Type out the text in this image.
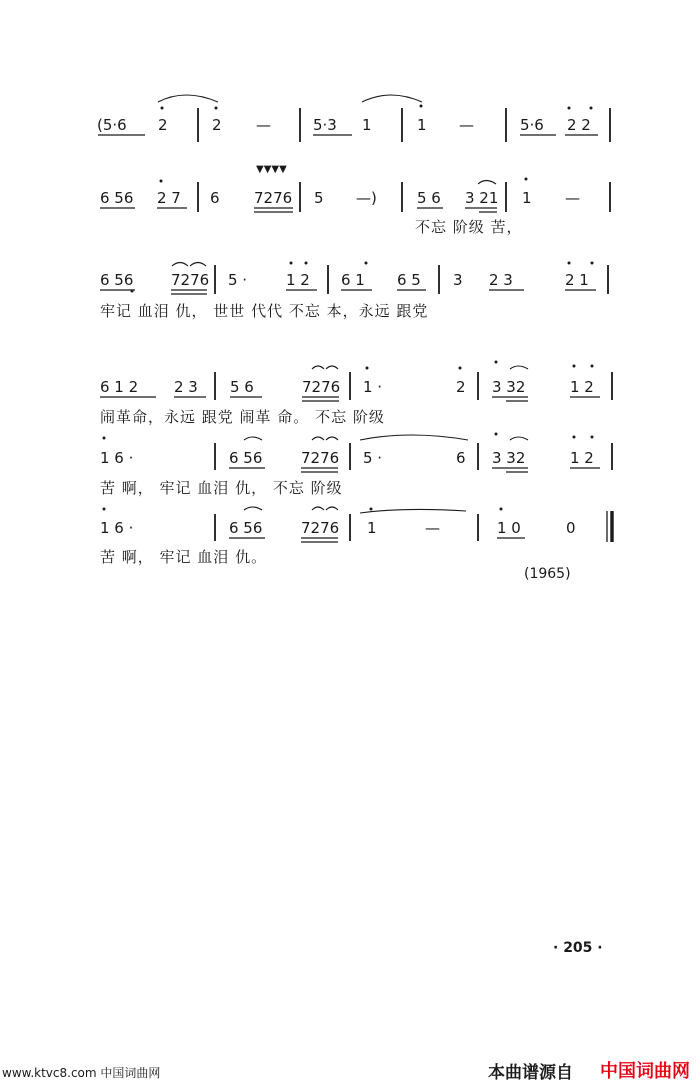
(5·6 2	2 —	5·3 1	1 —	5·6 2 2
6 56 2 7 6 7276 5 —)	5 6 3 21 1 —
6 56	7276 5 ·	1 2 6 1 6 5 3 2 3	2 1
6 1 2 2 3 5 6	7276 1 ·	2 3 32	1 2
1 6 ·	6 56	7276 5 ·	6 3 32	1 2
1 6 ·	6 56	7276 1	—	1 0	0
▼▼▼▼
不忘 阶级 苦，
牢记 血泪 仇， 世世 代代 不忘 本，永远 跟党
闹革命，永远 跟党 闹革 命。 不忘 阶级
苦 啊， 牢记 血泪 仇， 不忘 阶级
苦 啊， 牢记 血泪 仇。
(1965)
· 205 ·
www.ktvc8.com 中国词曲网	本曲谱源自 中国词曲网
